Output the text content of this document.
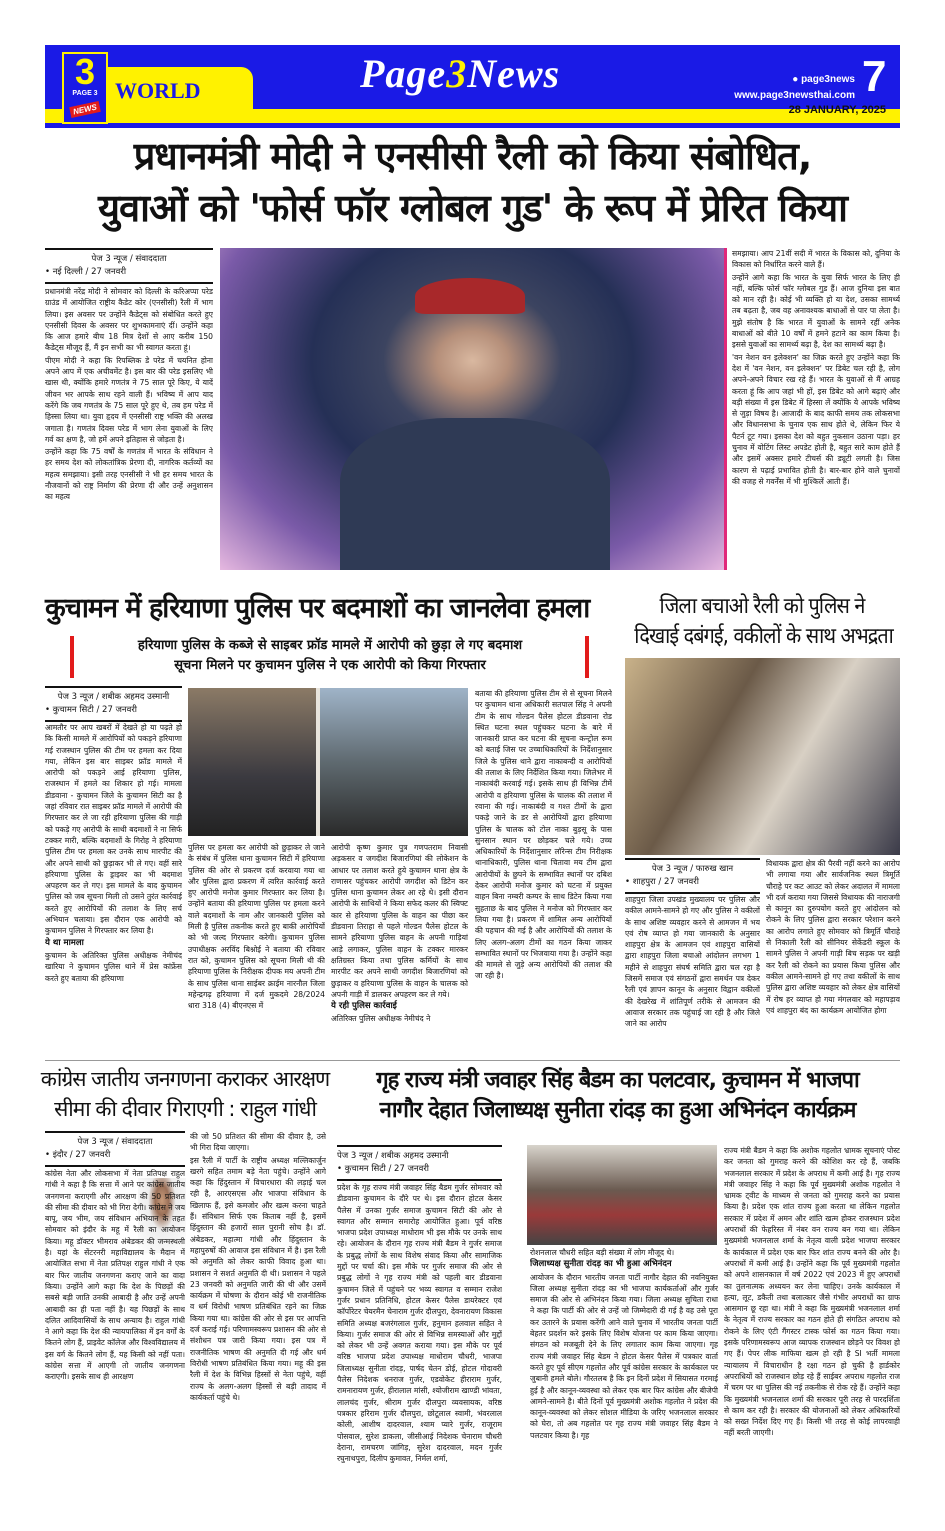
3
PAGE 3
NEWS
WORLD	Page3News	● page3news
www.page3newsthai.com 7
28 JANUARY, 2025
प्रधानमंत्री मोदी ने एनसीसी रैली को किया संबोधित,
युवाओं को 'फोर्स फॉर ग्लोबल गुड' के रूप में प्रेरित किया
पेज 3 न्यूज / संवाददाता
• नई दिल्ली / 27 जनवरी

प्रधानमंत्री नरेंद्र मोदी ने सोमवार को दिल्ली के करिअप्पा परेड ग्राउंड में आयोजित राष्ट्रीय कैडेट कोर (एनसीसी) रैली में भाग लिया। इस अवसर पर उन्होंने कैडेट्स को संबोधित करते हुए एनसीसी दिवस के अवसर पर शुभकामनाएं दीं। उन्होंने कहा कि आज हमारे बीच 18 मित्र देशों से आए करीब 150 कैडेट्स मौजूद हैं, मैं इन सभी का भी स्वागत करता हूं।

पीएम मोदी ने कहा कि रिपब्लिक डे परेड में चयनित होना अपने आप में एक अचीवमेंट है। इस बार की परेड इसलिए भी खास थी, क्योंकि हमारे गणतंत्र ने 75 साल पूरे किए, ये यादें जीवन भर आपके साथ रहने वाली हैं। भविष्य में आप याद करेंगे कि जब गणतंत्र के 75 साल पूरे हुए थे, तब हम परेड में हिस्सा लिया था। युवा हृदय में एनसीसी राष्ट्र भक्ति की अलख जगाता है। गणतंत्र दिवस परेड में भाग लेना युवाओं के लिए गर्व का क्षण है, जो हमें अपने इतिहास से जोड़ता है।

उन्होंने कहा कि 75 वर्षों के गणतंत्र में भारत के संविधान ने हर समय देश को लोकतांत्रिक प्रेरणा दी, नागरिक कर्तव्यों का महत्व समझाया। इसी तरह एनसीसी ने भी हर समय भारत के नौजवानों को राष्ट्र निर्माण की प्रेरणा दी और उन्हें अनुशासन का महत्व

समझाया। आप 21वीं सदी में भारत के विकास को, दुनिया के विकास को निर्धारित करने वाले हैं।

उन्होंने आगे कहा कि भारत के युवा सिर्फ भारत के लिए ही नहीं, बल्कि फोर्स फॉर ग्लोबल गुड हैं। आज दुनिया इस बात को मान रही है। कोई भी व्यक्ति हो या देश, उसका सामर्थ्य तब बढ़ता है, जब वह अनावश्यक बाधाओं से पार पा लेता है। मुझे संतोष है कि भारत में युवाओं के सामने रहीं अनेक बाधाओं को बीते 10 वर्षों में हमने हटाने का काम किया है। इससे युवाओं का सामर्थ्य बढ़ा है, देश का सामर्थ्य बढ़ा है।

'वन नेशन वन इलेक्शन' का जिक्र करते हुए उन्होंने कहा कि देश में 'वन नेशन, वन इलेक्शन' पर डिबेट चल रही है, लोग अपने-अपने विचार रख रहे हैं। भारत के युवाओं से मैं आग्रह करता हूं कि आप जहां भी हों, इस डिबेट को आगे बढ़ाएं और बड़ी संख्या में इस डिबेट में हिस्सा लें क्योंकि ये आपके भविष्य से जुड़ा विषय है। आजादी के बाद काफी समय तक लोकसभा और विधानसभा के चुनाव एक साथ होते थे, लेकिन फिर ये पैटर्न टूट गया। इसका देश को बहुत नुकसान उठाना पड़ा। हर चुनाव में वोटिंग लिस्ट अपडेट होती है, बहुत सारे काम होते हैं और इसमें अक्सर हमारे टीचर्स की ड्यूटी लगती है। जिस कारण से पढ़ाई प्रभावित होती है। बार-बार होने वाले चुनावों की वजह से गवर्नेंस में भी मुश्किलें आती हैं।

कुचामन में हरियाणा पुलिस पर बदमाशों का जानलेवा हमला
हरियाणा पुलिस के कब्जे से साइबर फ्रॉड मामले में आरोपी को छुड़ा ले गए बदमाश
सूचना मिलने पर कुचामन पुलिस ने एक आरोपी को किया गिरफ्तार
पेज 3 न्यूज / शबीक अहमद उस्मानी
• कुचामन सिटी / 27 जनवरी

आमतौर पर आप खबरों में देखते हो या पढ़ते हो कि किसी मामले में आरोपियों को पकड़ने हरियाणा गई राजस्थान पुलिस की टीम पर हमला कर दिया गया, लेकिन इस बार साइबर फ्रॉड मामले में आरोपी को पकड़ने आई हरियाणा पुलिस, राजस्थान में हमले का शिकार हो गई। मामला डीडवाना - कुचामन जिले के कुचामन सिटी का है जहां रविवार रात साइबर फ्रॉड मामले में आरोपी की गिरफ्तार कर ले जा रही हरियाणा पुलिस की गाड़ी को पकड़े गए आरोपी के साथी बदमाशों ने ना सिर्फ टक्कर मारी, बल्कि बदमाशों के गिरोह ने हरियाणा पुलिस टीम पर हमला कर उनके साथ मारपीट की और अपने साथी को छुड़ाकर भी ले गए। वहीं सारे हरियाणा पुलिस के ड्राइवर का भी बदमाश अपहरण कर ले गए। इस मामले के बाद कुचामन पुलिस को जब सूचना मिली तो उसने तुरंत कार्रवाई करते हुए आरोपियों की तलाश के लिए सर्च अभियान चलाया। इस दौरान एक आरोपी को कुचामन पुलिस ने गिरफ्तार कर लिया है।

ये था मामला

कुचामन के अतिरिक्त पुलिस अधीक्षक नेमीचंद खारिया ने कुचामन पुलिस थाने में प्रेस कांफ्रेंस करते हुए बताया की हरियाणा

पुलिस पर हमला कर आरोपी को छुड़ाकर ले जाने के संबंध में पुलिस थाना कुचामन सिटी में हरियाणा पुलिस की ओर से प्रकरण दर्ज करवाया गया था और पुलिस द्वारा प्रकरण में त्वरित कार्रवाई करते हुए आरोपी मनोज कुमार गिरफ्तार कर लिया है। उन्होंने बताया की हरियाणा पुलिस पर हमला करने वाले बदमाशों के नाम और जानकारी पुलिस को मिली है पुलिस तकनीक करते हुए बाकी आरोपियों को भी जल्द गिरफ्तार करेगी। कुचामन पुलिस उपाधीक्षक अरविंद बिश्नोई ने बताया की रविवार रात को, कुचामन पुलिस को सूचना मिली थी की हरियाणा पुलिस के निरीक्षक दीपक मय अपनी टीम के साथ पुलिस थाना साईबर क्राईम नारनौल जिला महेन्द्रगढ़ हरियाणा में दर्ज मुकदमे 28/2024 धारा 318 (4) बीएनएस में

आरोपी कृष्ण कुमार पुत्र गणपतराम निवासी अड़कसर व जगदीश बिजारणियां की लोकेशन के आधार पर तलाश करते हुये कुचामन थाना क्षेत्र के राणासर पहुंचकर आरोपी जगदीश को डिटेन कर पुलिस थाना कुचामन लेकर आ रहे थे। इसी दौरान आरोपी के साथियों ने किया सफेद कलर की स्विफ्ट कार से हरियाणा पुलिस के वाहन का पीछा कर डीडवाना तिराहा से पहले गोल्डन पैलेस होटल के सामने हरियाणा पुलिस वाहन के अपनी गाड़ियां आड़े लगाकर, पुलिस वाहन के टक्कर मारकर क्षतिग्रस्त किया तथा पुलिस कर्मियों के साथ मारपीट कर अपने साथी जगदीश बिजारणियां को छुड़ाकर व हरियाणा पुलिस के वाहन के चालक को अपनी गाड़ी में डालकर अपहरण कर ले गये।

ये रही पुलिस कार्रवाई

अतिरिक्त पुलिस अधीक्षक नेमीचंद ने

बताया की हरियाणा पुलिस टीम से से सूचना मिलने पर कुचामन थाना अधिकारी सतपाल सिंह ने अपनी टीम के साथ गोल्डन पैलेस होटल डीडवाना रोड स्थित घटना स्थल पहुंचकर घटना के बारे में जानकारी प्राप्त कर घटना की सूचना कन्ट्रोल रूम को बताई जिस पर उच्चाधिकारियों के निर्देशानुसार जिले के पुलिस थाने द्वारा नाकाबन्दी व आरोपियों की तलाश के लिए निर्देशित किया गया। जिलेभर में नाकाबंदी करवाई गई। इसके साथ ही विभिन्न टीमें आरोपी व हरियाणा पुलिस के चालक की तलाश में रवाना की गई। नाकाबंदी व गश्त टीमों के द्वारा पकड़े जाने के डर से आरोपियों द्वारा हरियाणा पुलिस के चालक को टोल नाका बुड़सू के पास सुनसान स्थान पर छोड़कर चले गये। उच्च अधिकारियों के निर्देशानुसार लॉरेन्स टीम निरीक्षक थानाधिकारी, पुलिस थाना चितावा मय टीम द्वारा आरोपीयों के छुपने के सम्भावित स्थानों पर दबिश देकर आरोपी मनोज कुमार को घटना में प्रयुक्त वाहन बिना नम्बरी कम्पर के साथ डिटेन किया गया सुहताछ के बाद पुलिस ने मनोज को गिरफ्तार कर लिया गया है। प्रकरण में शामिल अन्य आरोपियों की पहचान की गई है और आरोपियों की तलाश के लिए अलग-अलग टीमों का गठन किया जाकर सम्भावित स्थानों पर भिजवाया गया है। उन्होंने कहा की मामले से जुड़े अन्य आरोपियों की तलाश की जा रही है।

जिला बचाओ रैली को पुलिस ने
दिखाई दबंगई, वकीलों के साथ अभद्रता
पेज 3 न्यूज / फारुख खान
• शाहपुरा / 27 जनवरी

शाहपुरा जिला उपखंड मुख्यालय पर पुलिस और वकील आमने-सामने हो गए और पुलिस ने वकीलों के साथ अशिष्ट व्यवहार करने से आमजन में भय एवं रोष व्याप्त हो गया जानकारी के अनुसार शाहपुरा क्षेत्र के आमजन एवं शाहपुरा वासियों द्वारा शाहपुरा जिला बचाओ आंदोलन लगभग 1 महीने से शाहपुरा संघर्ष समिति द्वारा चल रहा है जिसमें समाज एवं संगठनों द्वारा समर्थन पत्र देकर रैली एवं ज्ञापन कानून के अनुसार विद्वान वकीलों की देखरेख में शांतिपूर्ण तरीके से आमजन की आवाज सरकार तक पहुंचाई जा रही है और जिले जाने का आरोप

विधायक द्वारा क्षेत्र की पैरवी नहीं करने का आरोप भी लगाया गया और सार्वजनिक स्थल त्रिमूर्ति चौराहे पर कट आउट को लेकर अदालत में मामला भी दर्ज कराया गया जिससे विधायक की नाराजगी से कानून का दुरुपयोग करते हुए आंदोलन को रोकने के लिए पुलिस द्वारा सरकार परेशान करने का आरोप लगाते हुए सोमवार को त्रिमूर्ति चौराहे से निकाली रैली को सीनियर सेकेंडरी स्कूल के सामने पुलिस ने अपनी गाड़ी बिच सड़क पर खड़ी कर रैली को रोकने का प्रयास किया पुलिस और वकील आमने-सामने हो गए तथा वकीलों के साथ पुलिस द्वारा अशिष्ट व्यवहार को लेकर क्षेत्र वासियों में रोष हर व्याप्त हो गया मंगलवार को महापड़ाव एवं शाहपुरा बंद का कार्यक्रम आयोजित होगा

कांग्रेस जातीय जनगणना कराकर आरक्षण
सीमा की दीवार गिराएगी : राहुल गांधी
पेज 3 न्यूज / संवाददाता
• इंदौर / 27 जनवरी

कांग्रेस नेता और लोकसभा में नेता प्रतिपक्ष राहुल गांधी ने कहा है कि सत्ता में आने पर कांग्रेस जातीय जनगणना कराएगी और आरक्षण की 50 प्रतिशत की सीमा की दीवार को भी गिरा देगी। कांग्रेस ने जय बापू, जय भीम, जय संविधान अभियान के तहत सोमवार को इंदौर के महू में रैली का आयोजन किया। महू डॉक्टर भीमराव अंबेडकर की जन्मस्थली है। यहां के सेंटरनरी महाविद्यालय के मैदान में आयोजित सभा में नेता प्रतिपक्ष राहुल गांधी ने एक बार फिर जातीय जनगणना कराए जाने का वादा किया। उन्होंने आगे कहा कि देश के पिछड़ों की सबसे बड़ी जाति उनकी आबादी है और उन्हें अपनी आबादी का ही पता नहीं है। यह पिछड़ों के साथ दलित आदिवासियों के साथ अन्याय है। राहुल गांधी ने आगे कहा कि देश की न्यायपालिका में इन वर्गों के कितने लोग हैं, प्राइवेट कॉलेज और विश्वविद्यालय में इस वर्ग के कितने लोग हैं, यह किसी को नहीं पता। कांग्रेस सत्ता में आएगी तो जातीय जनगणना कराएगी। इसके साथ ही आरक्षण

की जो 50 प्रतिशत की सीमा की दीवार है, उसे भी गिरा दिया जाएगा।

इस रैली में पार्टी के राष्ट्रीय अध्यक्ष मल्लिकार्जुन खरगे सहित तमाम बड़े नेता पहुंचे। उन्होंने आगे कहा कि हिंदुस्तान में विचारधारा की लड़ाई चल रही है, आरएसएस और भाजपा संविधान के खिलाफ हैं, इसे कमजोर और खत्म करना चाहते हैं। संविधान सिर्फ एक किताब नहीं है, इसमें हिंदुस्तान की हजारों साल पुरानी सोच है। डॉ. अंबेडकर, महात्मा गांधी और हिंदुस्तान के महापुरुषों की आवाज इस संविधान में है। इस रैली को अनुमति को लेकर काफी विवाद हुआ था। प्रशासन ने सशर्त अनुमति दी थी। प्रशासन ने पहले 23 जनवरी को अनुमति जारी की थी और उसमें कार्यक्रम में घोषणा के दौरान कोई भी राजनीतिक व धर्म विरोधी भाषण प्रतिबंधित रहने का जिक्र किया गया था। कांग्रेस की ओर से इस पर आपत्ति दर्ज कराई गई। परिणामस्वरूप प्रशासन की ओर से संशोधन पत्र जारी किया गया। इस पत्र में राजनीतिक भाषण की अनुमति दी गई और धर्म विरोधी भाषण प्रतिबंधित किया गया। महू की इस रैली में देश के विभिन्न हिस्सों से नेता पहुंचे, वहीं राज्य के अलग-अलग हिस्सों से बड़ी तादाद में कार्यकर्ता पहुंचे थे।

गृह राज्य मंत्री जवाहर सिंह बैडम का पलटवार, कुचामन में भाजपा
नागौर देहात जिलाध्यक्ष सुनीता रांदड़ का हुआ अभिनंदन कार्यक्रम
पेज 3 न्यूज / शबीक अहमद उस्मानी
• कुचामन सिटी / 27 जनवरी

प्रदेश के गृह राज्य मंत्री जवाहर सिंह बैडम गुर्जर सोमवार को डीडवाना कुचामन के दौरे पर थे। इस दौरान होटल केसर पैलेस में उनका गुर्जर समाज कुचामन सिटी की ओर से स्वागत और सम्मान समारोह आयोजित हुआ। पूर्व वरिष्ठ भाजपा प्रदेश उपाध्यक्ष माधोराम भी इस मौके पर उनके साथ रहे। आयोजन के दौरान गृह राज्य मंत्री बैडम ने गुर्जर समाज के प्रबुद्ध लोगों के साथ विशेष संवाद किया और सामाजिक मुद्दों पर चर्चा की। इस मौके पर गुर्जर समाज की ओर से प्रबुद्ध लोगों ने गृह राज्य मंत्री को पहली बार डीडवाना कुचामन जिले में पहुंचने पर भव्य स्वागत व सम्मान राजेश गुर्जर प्रधान प्रतिनिधि, होटल केसर पैलेस डायरेक्टर एवं कॉर्पोरेटर चेयरमैन चेनाराम गुर्जर दौलपुरा, देवनारायण विकास समिति अध्यक्ष बजरंगलाल गुर्जर, हनुमान हलवाल सहित ने किया। गुर्जर समाज की ओर से विभिन्न समस्याओं और मुद्दों को लेकर भी उन्हें अवगत कराया गया। इस मौके पर पूर्व वरिष्ठ भाजपा प्रदेश उपाध्यक्ष माधोराम चौधरी, भाजपा जिलाध्यक्ष सुनीता रांदड़, पार्षद चेतन डोई, होटल गोदावरी पैलेस निदेशक धनराज गुर्जर, एडवोकेट हीराराम गुर्जर, रामनारायण गुर्जर, हीरालाल मांसी, श्योजीराम खाण्डी भांवता, लालचंद गुर्जर, श्रीराम गुर्जर दौलपुरा व्यवसायक, वरिष्ठ पत्रकार हरिराम गुर्जर दौलपुरा, छोटूलाल स्वामी, भंवरलाल कोली, आशीष दादरवाल, श्याम प्यारे गुर्जर, राजूराम पोसवाल, सुरेश डाकला, जीसीआई निदेशक चेनाराम चौधरी देराना, रामचरण जांगिड़, सुरेश दादरवाल, मदन गुर्जर रघुनाथपुरा, दिलीप कुमावत, निर्मल शर्मा,

रोशनलाल चौधरी सहित बड़ी संख्या में लोग मौजूद थे।

जिलाध्यक्ष सुनीता रांदड़ का भी हुआ अभिनंदन

आयोजन के दौरान भारतीय जनता पार्टी नागौर देहात की नवनियुक्त जिला अध्यक्ष सुनीता रांदड़ का भी भाजपा कार्यकर्ताओं और गुर्जर समाज की ओर से अभिनंदन किया गया। जिला अध्यक्ष सुचिता राधा ने कहा कि पार्टी की ओर से उन्हें जो जिम्मेदारी दी गई है वह उसे पूरा कर उतारने के प्रयास करेंगी आने वाले चुनाव में भारतीय जनता पार्टी बेहतर प्रदर्शन करे इसके लिए विशेष योजना पर काम किया जाएगा। संगठन को मजबूती देने के लिए लगातार काम किया जाएगा। गृह राज्य मंत्री जवाहर सिंह बेडम ने होटल केसर पैलेस में पत्रकार वार्ता करते हुए पूर्व सीएम गहलोत और पूर्व कांग्रेस सरकार के कार्यकाल पर जुबानी हमले बोले। गौरतलब है कि इन दिनों प्रदेश में सियासत गरमाई हुई है और कानून-व्यवस्था को लेकर एक बार फिर कांग्रेस और बीजेपी आमने-सामने है। बीते दिनों पूर्व मुख्यमंत्री अशोक गहलोत ने प्रदेश की कानून-व्यवस्था को लेकर सोशल मीडिया के जरिए भजनलाल सरकार को घेरा, तो अब गहलोत पर गृह राज्य मंत्री जवाहर सिंह बैडम ने पलटवार किया है। गृह

राज्य मंत्री बैडम ने कहा कि अशोक गहलोत भ्रामक सूचनाएं पोस्ट कर जनता को गुमराह करने की कोशिश कर रहे हैं, जबकि भजनलाल सरकार में प्रदेश के अपराध में कमी आई है। गृह राज्य मंत्री जवाहर सिंह ने कहा कि पूर्व मुख्यमंत्री अशोक गहलोत ने भ्रामक ट्वीट के माध्यम से जनता को गुमराह करने का प्रयास किया है। प्रदेश एक शांत राज्य हुआ करता था लेकिन गहलोत सरकार में प्रदेश में अमन और शांति खत्म होकर राजस्थान प्रदेश अपराधों की फेहरिस्त में नंबर वन राज्य बन गया था। लेकिन मुख्यमंत्री भजनलाल शर्मा के नेतृत्व वाली प्रदेश भाजपा सरकार के कार्यकाल में प्रदेश एक बार फिर शांत राज्य बनने की ओर है। अपराधों में कमी आई है। उन्होंने कहा कि पूर्व मुख्यमंत्री गहलोत को अपने शासनकाल में वर्ष 2022 एवं 2023 में हुए अपराधों का तुलनात्मक अध्ययन कर लेना चाहिए। उनके कार्यकाल में हत्या, लूट, डकैती तथा बलात्कार जैसे गंभीर अपराधों का ग्राफ आसमान छू रहा था। मंत्री ने कहा कि मुख्यमंत्री भजनलाल शर्मा के नेतृत्व में राज्य सरकार का गठन होते ही संगठित अपराध को रोकने के लिए एंटी गैंगस्टर टास्क फोर्स का गठन किया गया। इसके परिणामस्वरूप आज व्यापक राजस्थान छोड़ने पर विवश हो गए हैं। पेपर लीक माफिया खत्म हो रही है SI भर्ती मामला न्यायालय में विचाराधीन है रक्षा गठन हो चुकी है हार्डकोर अपराधियों को राजस्थान छोड़ रहे हैं साईबर अपराध गहलोत राज में चरम पर था पुलिस की नई तकनीक से रोक रहे हैं। उन्होंने कहा कि मुख्यमंत्री भजनलाल शर्मा की सरकार पूरी तरह से पारदर्शिता से काम कर रही है। सरकार की योजनाओं को लेकर अधिकारियों को सख्त निर्देश दिए गए हैं। किसी भी तरह से कोई लापरवाही नहीं बरती जाएगी।
